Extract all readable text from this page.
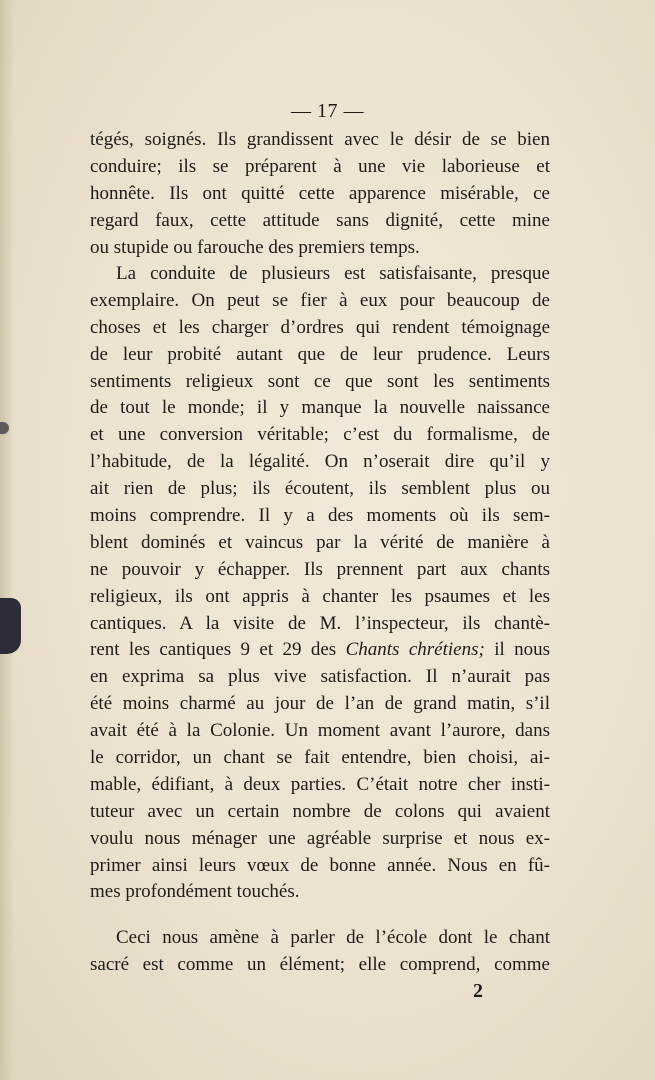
— 17 —
tégés, soignés. Ils grandissent avec le désir de se bien
conduire; ils se préparent à une vie laborieuse et
honnête. Ils ont quitté cette apparence misérable, ce
regard faux, cette attitude sans dignité, cette mine
ou stupide ou farouche des premiers temps.
La conduite de plusieurs est satisfaisante, presque
exemplaire. On peut se fier à eux pour beaucoup de
choses et les charger d’ordres qui rendent témoignage
de leur probité autant que de leur prudence. Leurs
sentiments religieux sont ce que sont les sentiments
de tout le monde; il y manque la nouvelle naissance
et une conversion véritable; c’est du formalisme, de
l’habitude, de la légalité. On n’oserait dire qu’il y
ait rien de plus; ils écoutent, ils semblent plus ou
moins comprendre. Il y a des moments où ils sem-
blent dominés et vaincus par la vérité de manière à
ne pouvoir y échapper. Ils prennent part aux chants
religieux, ils ont appris à chanter les psaumes et les
cantiques. A la visite de M. l’inspecteur, ils chantè-
rent les cantiques 9 et 29 des Chants chrétiens; il nous
en exprima sa plus vive satisfaction. Il n’aurait pas
été moins charmé au jour de l’an de grand matin, s’il
avait été à la Colonie. Un moment avant l’aurore, dans
le corridor, un chant se fait entendre, bien choisi, ai-
mable, édifiant, à deux parties. C’était notre cher insti-
tuteur avec un certain nombre de colons qui avaient
voulu nous ménager une agréable surprise et nous ex-
primer ainsi leurs vœux de bonne année. Nous en fû-
mes profondément touchés.
Ceci nous amène à parler de l’école dont le chant
sacré est comme un élément; elle comprend, comme
2
